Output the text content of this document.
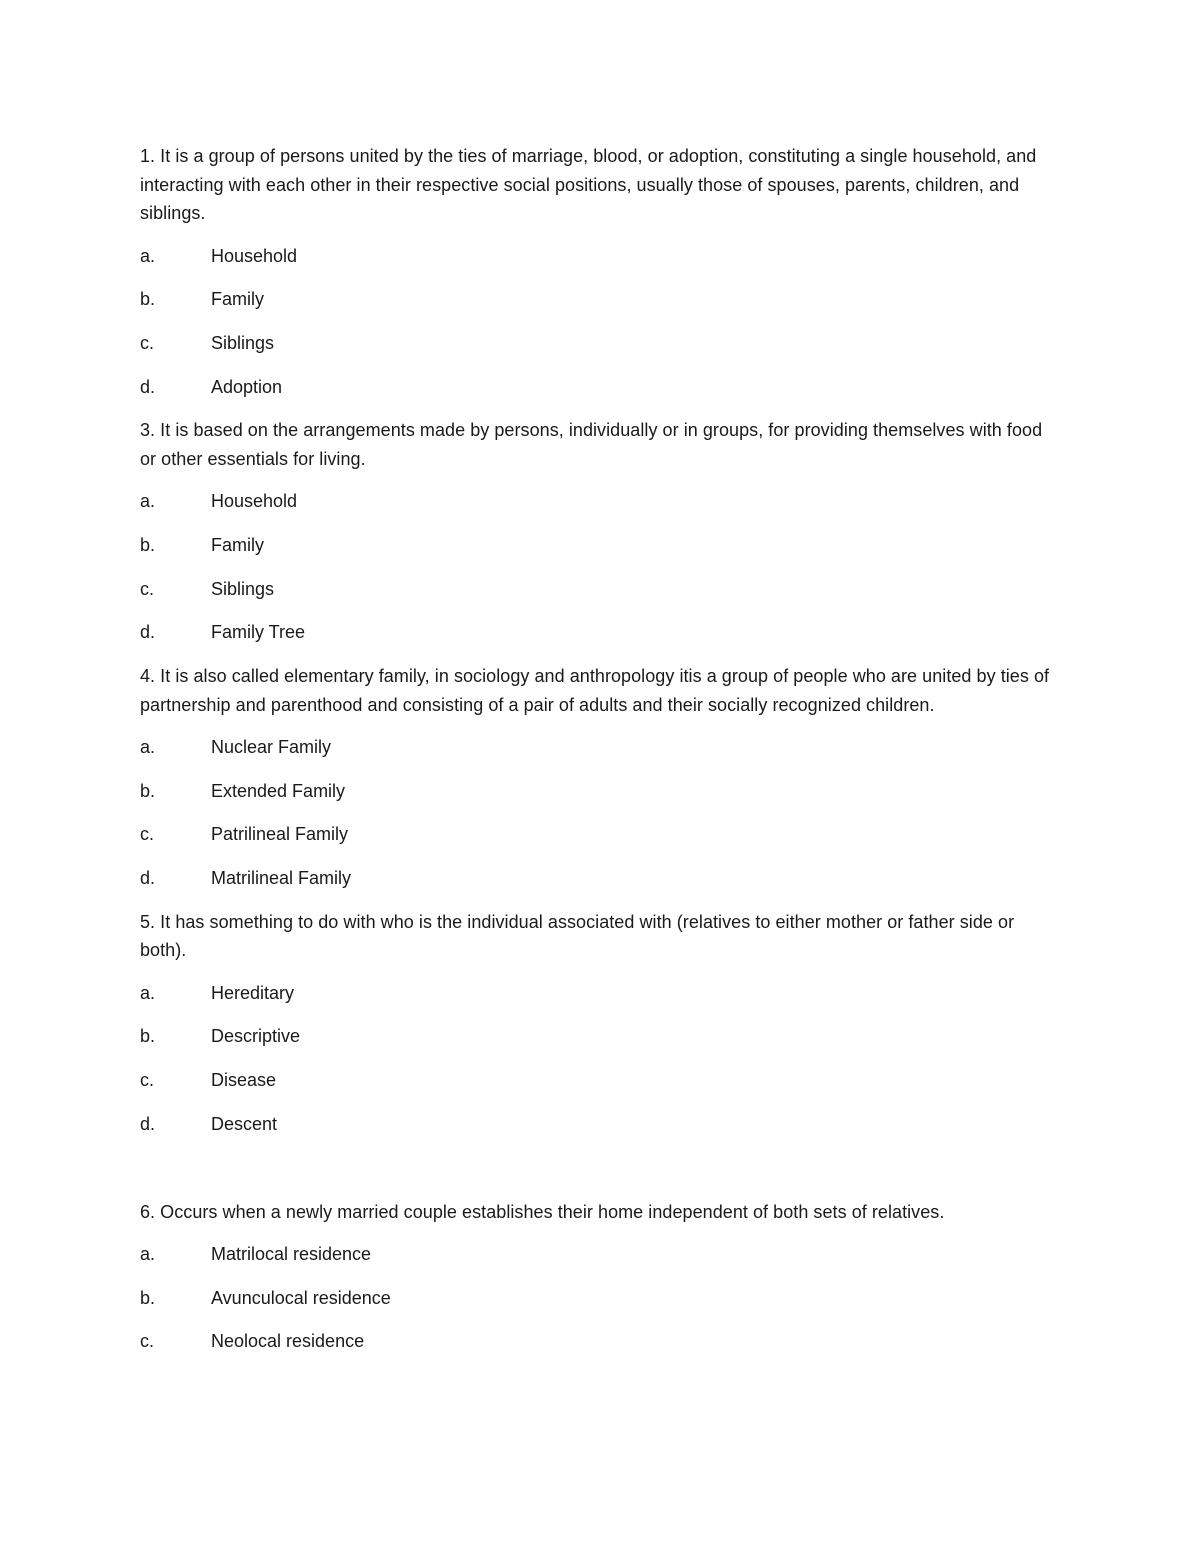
1. It is a group of persons united by the ties of marriage, blood, or adoption, constituting a single household, and interacting with each other in their respective social positions, usually those of spouses, parents, children, and siblings.

a.	Household
b.	Family
c.	Siblings
d.	Adoption

3. It is based on the arrangements made by persons, individually or in groups, for providing themselves with food or other essentials for living.

a.	Household
b.	Family
c.	Siblings
d.	Family Tree

4. It is also called elementary family, in sociology and anthropology itis a group of people who are united by ties of partnership and parenthood and consisting of a pair of adults and their socially recognized children.

a.	Nuclear Family
b.	Extended Family
c.	Patrilineal Family
d.	Matrilineal Family

5. It has something to do with who is the individual associated with (relatives to either mother or father side or both).

a.	Hereditary
b.	Descriptive
c.	Disease
d.	Descent

6. Occurs when a newly married couple establishes their home independent of both sets of relatives.

a.	Matrilocal residence
b.	Avunculocal residence
c.	Neolocal residence
